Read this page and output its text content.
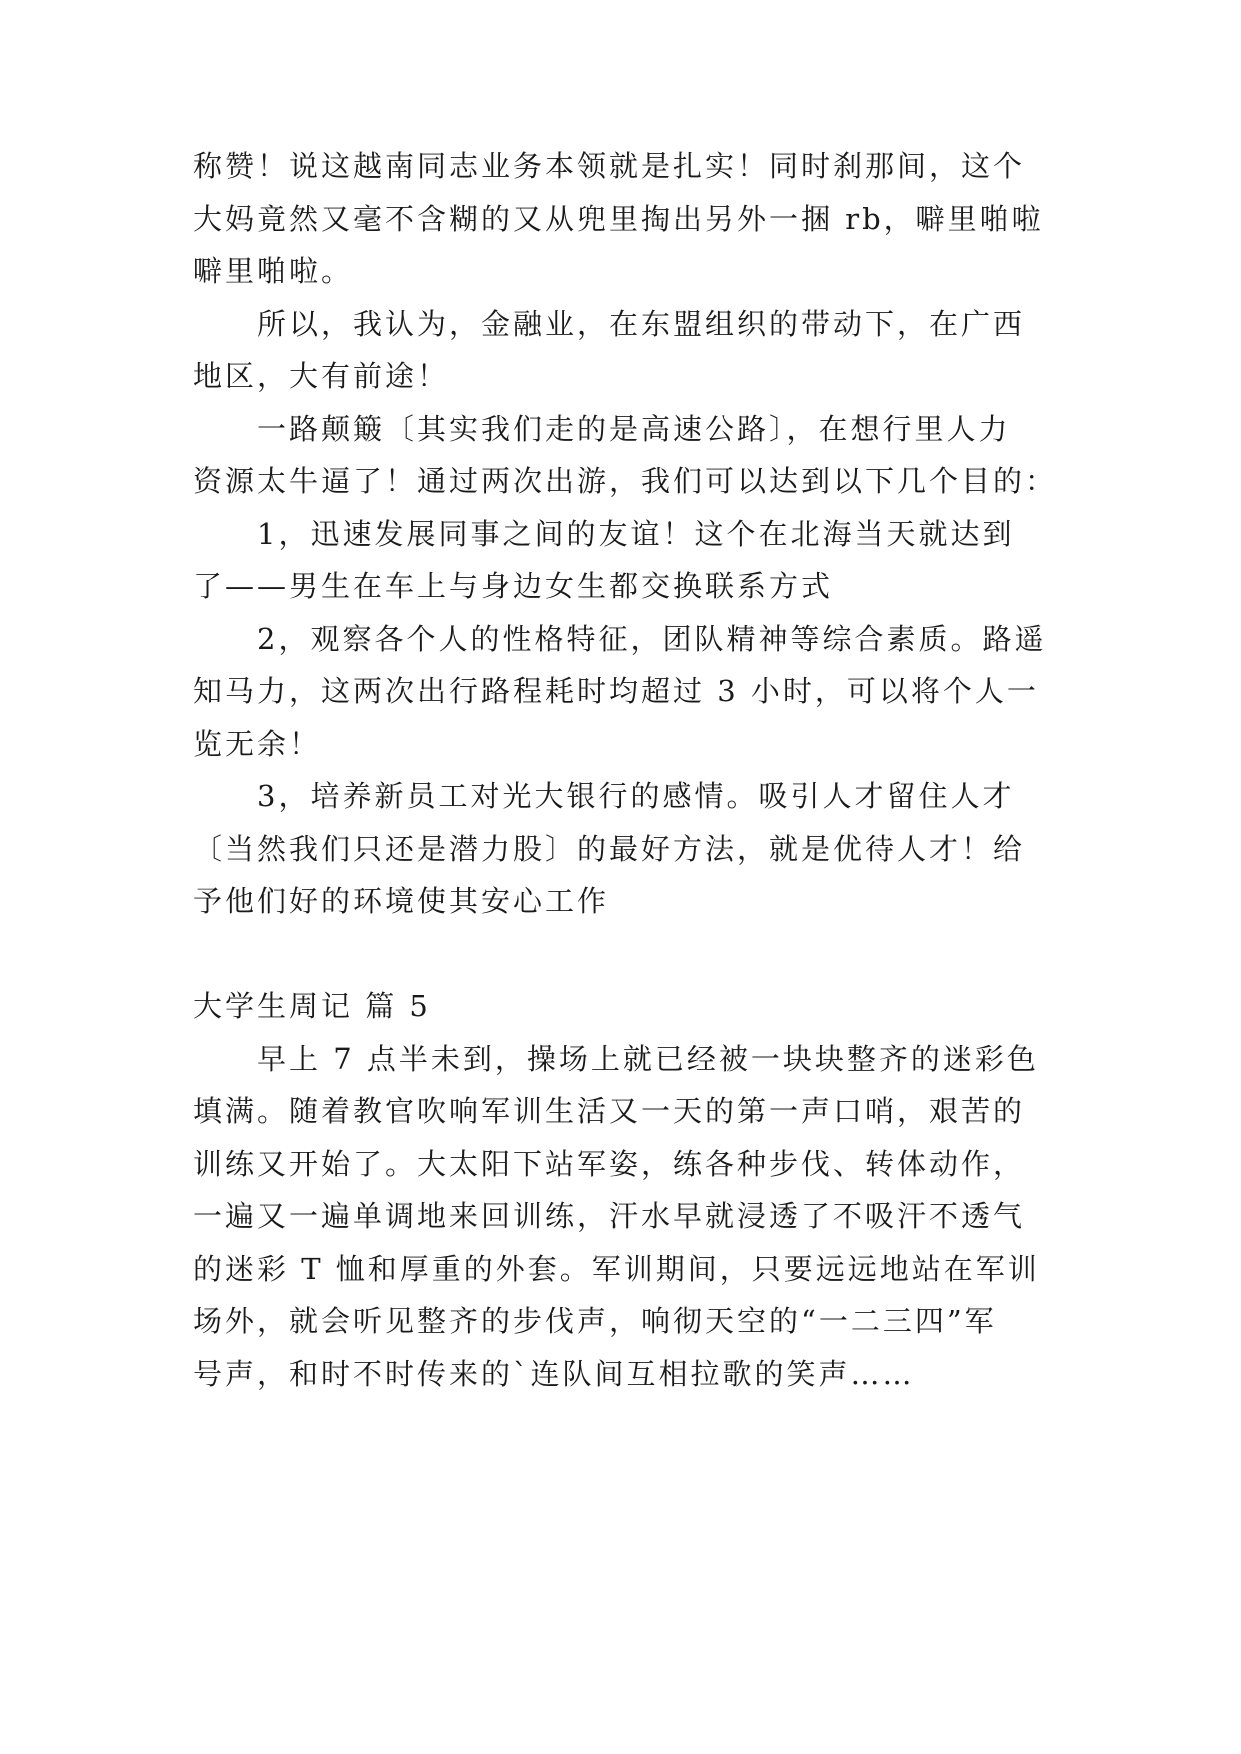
称赞！说这越南同志业务本领就是扎实！同时刹那间，这个
大妈竟然又毫不含糊的又从兜里掏出另外一捆 rb，噼里啪啦
噼里啪啦。
所以，我认为，金融业，在东盟组织的带动下，在广西
地区，大有前途！
一路颠簸〔其实我们走的是高速公路〕，在想行里人力
资源太牛逼了！通过两次出游，我们可以达到以下几个目的：
1，迅速发展同事之间的友谊！这个在北海当天就达到
了——男生在车上与身边女生都交换联系方式
2，观察各个人的性格特征，团队精神等综合素质。路遥
知马力，这两次出行路程耗时均超过 3 小时，可以将个人一
览无余！
3，培养新员工对光大银行的感情。吸引人才留住人才
〔当然我们只还是潜力股〕的最好方法，就是优待人才！给
予他们好的环境使其安心工作
大学生周记 篇 5
早上 7 点半未到，操场上就已经被一块块整齐的迷彩色
填满。随着教官吹响军训生活又一天的第一声口哨，艰苦的
训练又开始了。大太阳下站军姿，练各种步伐、转体动作，
一遍又一遍单调地来回训练，汗水早就浸透了不吸汗不透气
的迷彩 T 恤和厚重的外套。军训期间，只要远远地站在军训
场外，就会听见整齐的步伐声，响彻天空的“一二三四”军
号声，和时不时传来的`连队间互相拉歌的笑声……
